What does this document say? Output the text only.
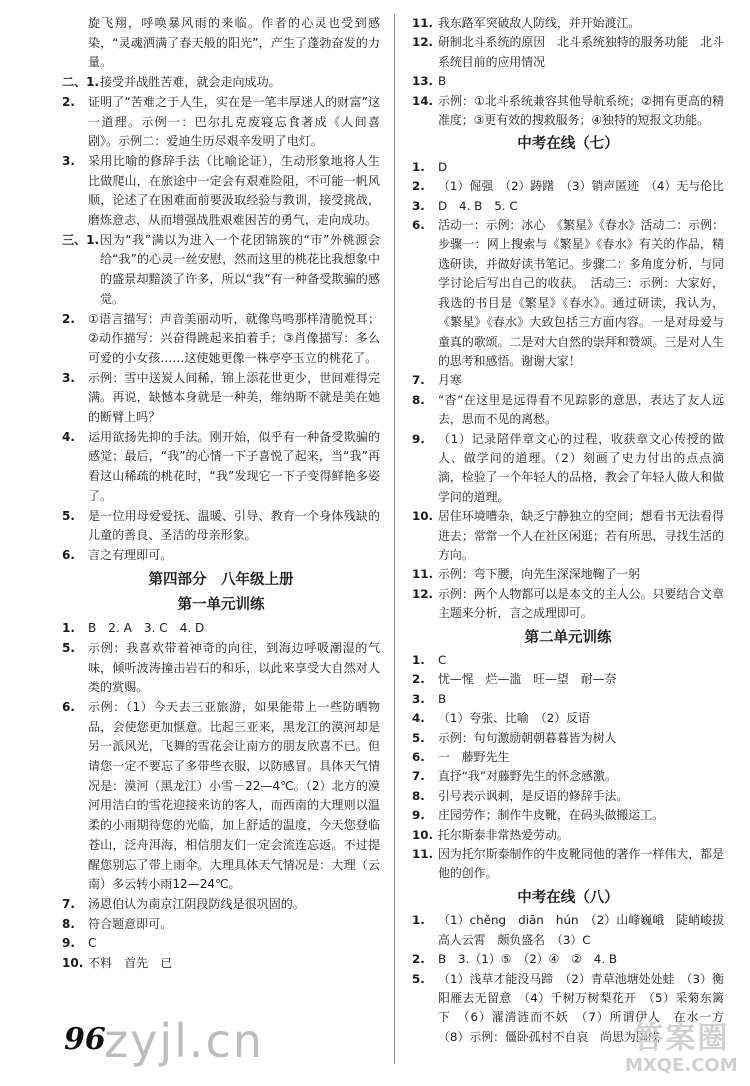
旋飞翔，呼唤暴风雨的来临。作者的心灵也受到感染，“灵魂洒满了春天般的阳光”，产生了蓬勃奋发的力量。
二、1. 接受并战胜苦难，就会走向成功。
2. 证明了“苦难之于人生，实在是一笔丰厚迷人的财富”这一道理。示例一：巴尔扎克废寝忘食著成《人间喜剧》。示例二：爱迪生历尽艰辛发明了电灯。
3. 采用比喻的修辞手法（比喻论证），生动形象地将人生比做爬山，在旅途中一定会有艰难险阻，不可能一帆风顺，论述了在困难面前要汲取经验与教训，接受挑战，磨炼意志，从而增强战胜艰难困苦的勇气，走向成功。
三、1. 因为“我”满以为进入一个花团锦簇的“市”外桃源会给“我”的心灵一丝安慰，然而这里的桃花比我想象中的盛景却黯淡了许多，所以“我”有一种备受欺骗的感觉。
2. ①语言描写：声音美丽动听，就像鸟鸣那样清脆悦耳；②动作描写：兴奋得跳起来拍着手；③肖像描写：多么可爱的小女孩……这使她更像一株亭亭玉立的桃花了。
3. 示例：雪中送炭人间稀，锦上添花世更少，世间难得完满。再说，缺憾本身就是一种美，维纳斯不就是美在她的断臂上吗？
4. 运用欲扬先抑的手法。刚开始，似乎有一种备受欺骗的感觉；最后，“我”的心情一下子喜悦了起来，当“我”再看这山稀疏的桃花时，“我”发现它一下子变得鲜艳多姿了。
5. 是一位用母爱爱抚、温暖、引导、教育一个身体残缺的儿童的善良、圣洁的母亲形象。
6. 言之有理即可。
第四部分　八年级上册
第一单元训练
1. B　2. A　3. C　4. D
5. 示例：我喜欢带着神奇的向往，到海边呼吸潮湿的气味，倾听波涛撞击岩石的和乐，以此来享受大自然对人类的赏赐。
6. 示例：（1）今天去三亚旅游，如果能带上一些防晒物品，会使您更加惬意。比起三亚来，黑龙江的漠河却是另一派风光，飞舞的雪花会让南方的朋友欣喜不已。但请您一定不要忘了多带些衣服，以防感冒。具体天气情况是：漠河（黑龙江）小雪－22—4℃。（2）北方的漠河用洁白的雪花迎接来访的客人，而西南的大理则以温柔的小雨期待您的光临，加上舒适的温度，今天您登临苍山，泛舟洱海，相信朋友们一定会流连忘返。不过提醒您别忘了带上雨伞。大理具体天气情况是：大理（云南）多云转小雨12—24℃。
7. 汤恩伯认为南京江阴段防线是很巩固的。
8. 符合题意即可。
9. C
10. 不料　首先　已
11. 我东路军突破敌人防线，并开始渡江。
12. 研制北斗系统的原因　北斗系统独特的服务功能　北斗系统目前的应用情况
13. B
14. 示例：①北斗系统兼容其他导航系统；②拥有更高的精准度；③更有效的搜救服务；④独特的短报文功能。
中考在线（七）
1. D
2. （1）倔强　（2）踌躇　（3）销声匿迹　（4）无与伦比
3. D　4. B　5. C
6. 活动一：示例：冰心　《繁星》《春水》活动二：示例：步骤一：网上搜索与《繁星》《春水》有关的作品，精选研读，并做好读书笔记。步骤二：多角度分析，与同学讨论后写出自己的收获。　活动三：示例：大家好，我选的书目是《繁星》《春水》。通过研读，我认为，《繁星》《春水》大致包括三方面内容。一是对母爱与童真的歌颂。二是对大自然的崇拜和赞颂。三是对人生的思考和感悟。谢谢大家！
7. 月寒
8. “杳”在这里是远得看不见踪影的意思，表达了友人远去，思而不见的离愁。
9. （1）记录陪伴章文心的过程，收获章文心传授的做人、做学问的道理。（2）刻画了史力付出的点点滴滴，检验了一个年轻人的品格，教会了年轻人做人和做学问的道理。
10. 居住环境嘈杂，缺乏宁静独立的空间；想看书无法看得进去；常常一个人在社区闲逛；若有所思，寻找生活的方向。
11. 示例：弯下腰，向先生深深地鞠了一躬
12. 示例：两个人物都可以是本文的主人公。只要结合文章主题来分析，言之成理即可。
第二单元训练
1. C
2. 忧—惺　烂—滥　旺—望　耐—奈
3. B
4. （1）夸张、比喻　（2）反语
5. 示例：句句激励朝朝暮暮皆为树人
6. 一　藤野先生
7. 直抒“我”对藤野先生的怀念感激。
8. 引号表示讽刺，是反语的修辞手法。
9. 庄园劳作；制作牛皮靴，在码头做搬运工。
10. 托尔斯泰非常热爱劳动。
11. 因为托尔斯泰制作的牛皮靴同他的著作一样伟大，都是他的创作。
中考在线（八）
1. （1）chěng　diān　hún　（2）山峰巍峨　陡峭峻拔　高人云霄　颇负盛名　（3）C
2. B　3.（1）⑤　（2）④　②　4. B
5. （1）浅草才能没马蹄　（2）青草池塘处处蛙　（3）衡阳雁去无留意　（4）千树万树梨花开　（5）采菊东篱下　（6）濯清涟而不妖　（7）所谓伊人　在水一方　（8）示例：僵卧孤村不自哀　尚思为国戍
96
zyjl.cn	答案圈
MXQE.COM
